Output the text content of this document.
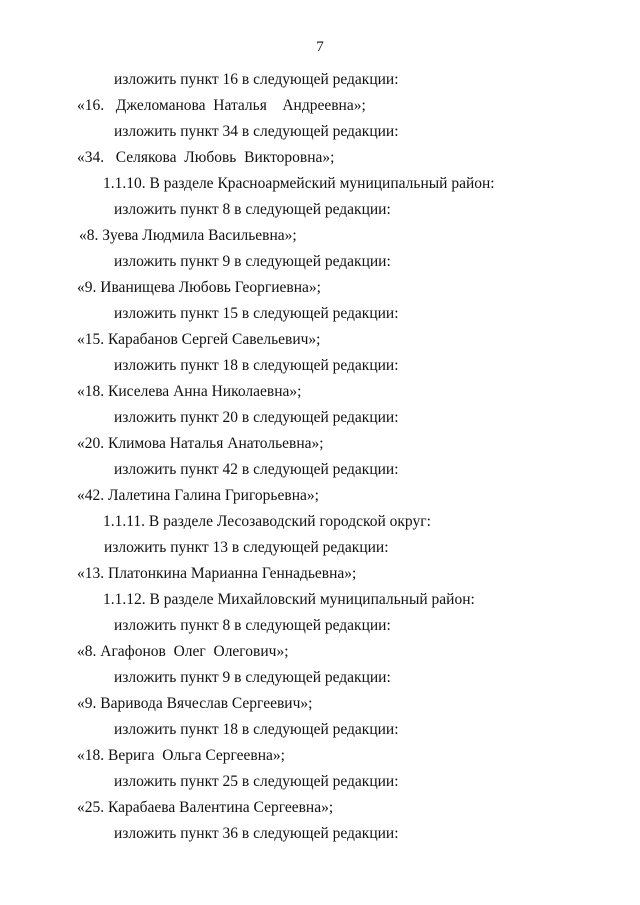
7
изложить пункт 16 в следующей редакции:
«16.   Джеломанова  Наталья    Андреевна»;
изложить пункт 34 в следующей редакции:
«34.   Селякова  Любовь  Викторовна»;
1.1.10. В разделе Красноармейский муниципальный район:
изложить пункт 8 в следующей редакции:
«8. Зуева Людмила Васильевна»;
изложить пункт 9 в следующей редакции:
«9. Иванищева Любовь Георгиевна»;
изложить пункт 15 в следующей редакции:
«15. Карабанов Сергей Савельевич»;
изложить пункт 18 в следующей редакции:
«18. Киселева Анна Николаевна»;
изложить пункт 20 в следующей редакции:
«20. Климова Наталья Анатольевна»;
изложить пункт 42 в следующей редакции:
«42. Лалетина Галина Григорьевна»;
1.1.11. В разделе Лесозаводский городской округ:
изложить пункт 13 в следующей редакции:
«13. Платонкина Марианна Геннадьевна»;
1.1.12. В разделе Михайловский муниципальный район:
изложить пункт 8 в следующей редакции:
«8. Агафонов  Олег  Олегович»;
изложить пункт 9 в следующей редакции:
«9. Варивода Вячеслав Сергеевич»;
изложить пункт 18 в следующей редакции:
«18. Верига  Ольга Сергеевна»;
изложить пункт 25 в следующей редакции:
«25. Карабаева Валентина Сергеевна»;
изложить пункт 36 в следующей редакции:
